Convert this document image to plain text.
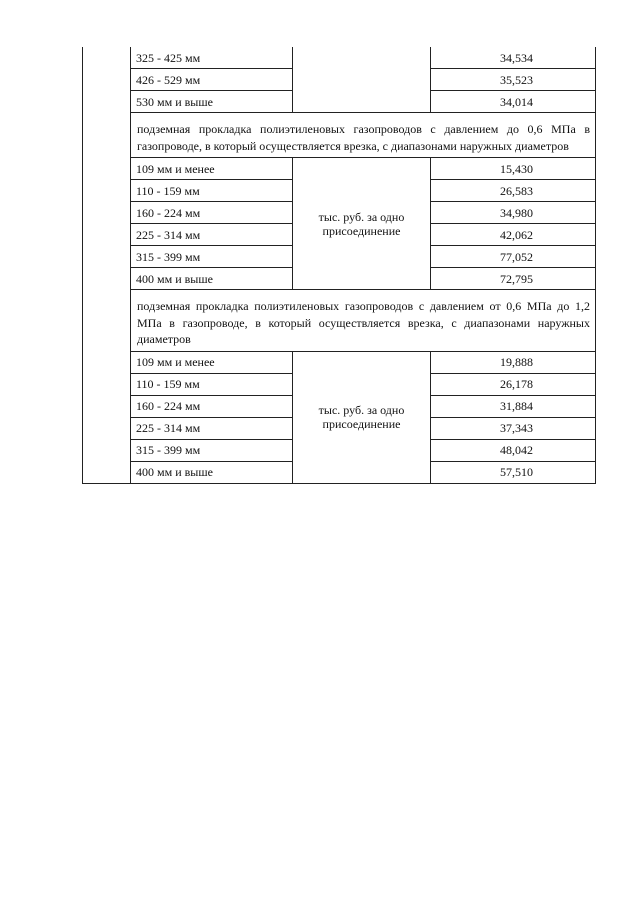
	325 - 425 мм		34,534
	426 - 529 мм		35,523
	530 мм и выше		34,014
	подземная прокладка полиэтиленовых газопроводов с давлением до 0,6 МПа в газопроводе, в который осуществляется врезка, с диапазонами наружных диаметров		
	109 мм и менее	тыс. руб. за одно присоединение	15,430
	110 - 159 мм		26,583
	160 - 224 мм		34,980
	225 - 314 мм		42,062
	315 - 399 мм		77,052
	400 мм и выше		72,795
	подземная прокладка полиэтиленовых газопроводов с давлением от 0,6 МПа до 1,2 МПа в газопроводе, в который осуществляется врезка, с диапазонами наружных диаметров		
	109 мм и менее	тыс. руб. за одно присоединение	19,888
	110 - 159 мм		26,178
	160 - 224 мм		31,884
	225 - 314 мм		37,343
	315 - 399 мм		48,042
	400 мм и выше		57,510
